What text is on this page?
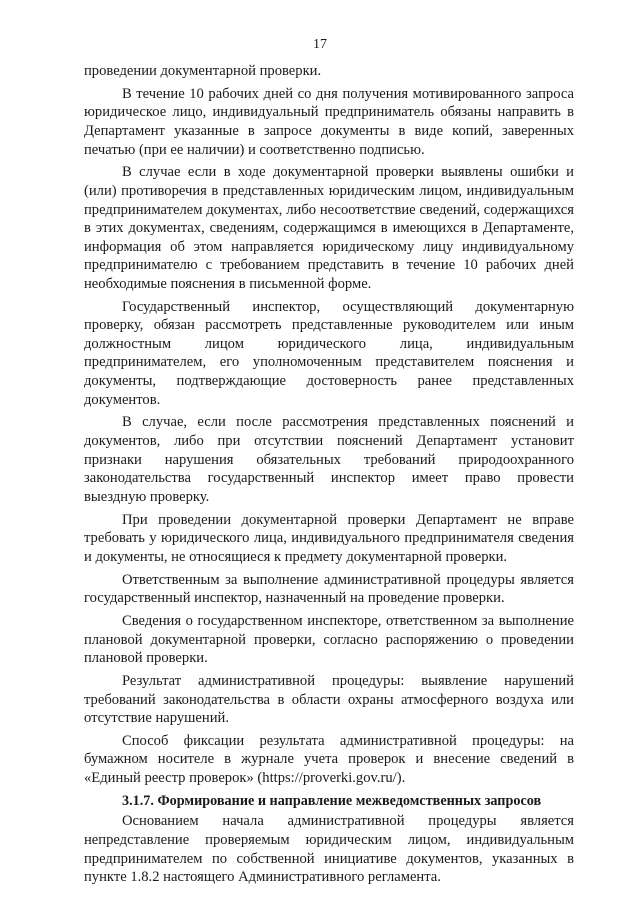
17

проведении документарной проверки.

В течение 10 рабочих дней со дня получения мотивированного запроса юридическое лицо, индивидуальный предприниматель обязаны направить в Департамент указанные в запросе документы в виде копий, заверенных печатью (при ее наличии) и соответственно подписью.

В случае если в ходе документарной проверки выявлены ошибки и (или) противоречия в представленных юридическим лицом, индивидуальным предпринимателем документах, либо несоответствие сведений, содержащихся в этих документах, сведениям, содержащимся в имеющихся в Департаменте, информация об этом направляется юридическому лицу индивидуальному предпринимателю с требованием представить в течение 10 рабочих дней необходимые пояснения в письменной форме.

Государственный инспектор, осуществляющий документарную проверку, обязан рассмотреть представленные руководителем или иным должностным лицом юридического лица, индивидуальным предпринимателем, его уполномоченным представителем пояснения и документы, подтверждающие достоверность ранее представленных документов.

В случае, если после рассмотрения представленных пояснений и документов, либо при отсутствии пояснений Департамент установит признаки нарушения обязательных требований природоохранного законодательства государственный инспектор имеет право провести выездную проверку.

При проведении документарной проверки Департамент не вправе требовать у юридического лица, индивидуального предпринимателя сведения и документы, не относящиеся к предмету документарной проверки.

Ответственным за выполнение административной процедуры является государственный инспектор, назначенный на проведение проверки.

Сведения о государственном инспекторе, ответственном за выполнение плановой документарной проверки, согласно распоряжению о проведении плановой проверки.

Результат административной процедуры: выявление нарушений требований законодательства в области охраны атмосферного воздуха или отсутствие нарушений.

Способ фиксации результата административной процедуры: на бумажном носителе в журнале учета проверок и внесение сведений в «Единый реестр проверок» (https://proverki.gov.ru/).

3.1.7. Формирование и направление межведомственных запросов

Основанием начала административной процедуры является непредставление проверяемым юридическим лицом, индивидуальным предпринимателем по собственной инициативе документов, указанных в пункте 1.8.2 настоящего Административного регламента.
